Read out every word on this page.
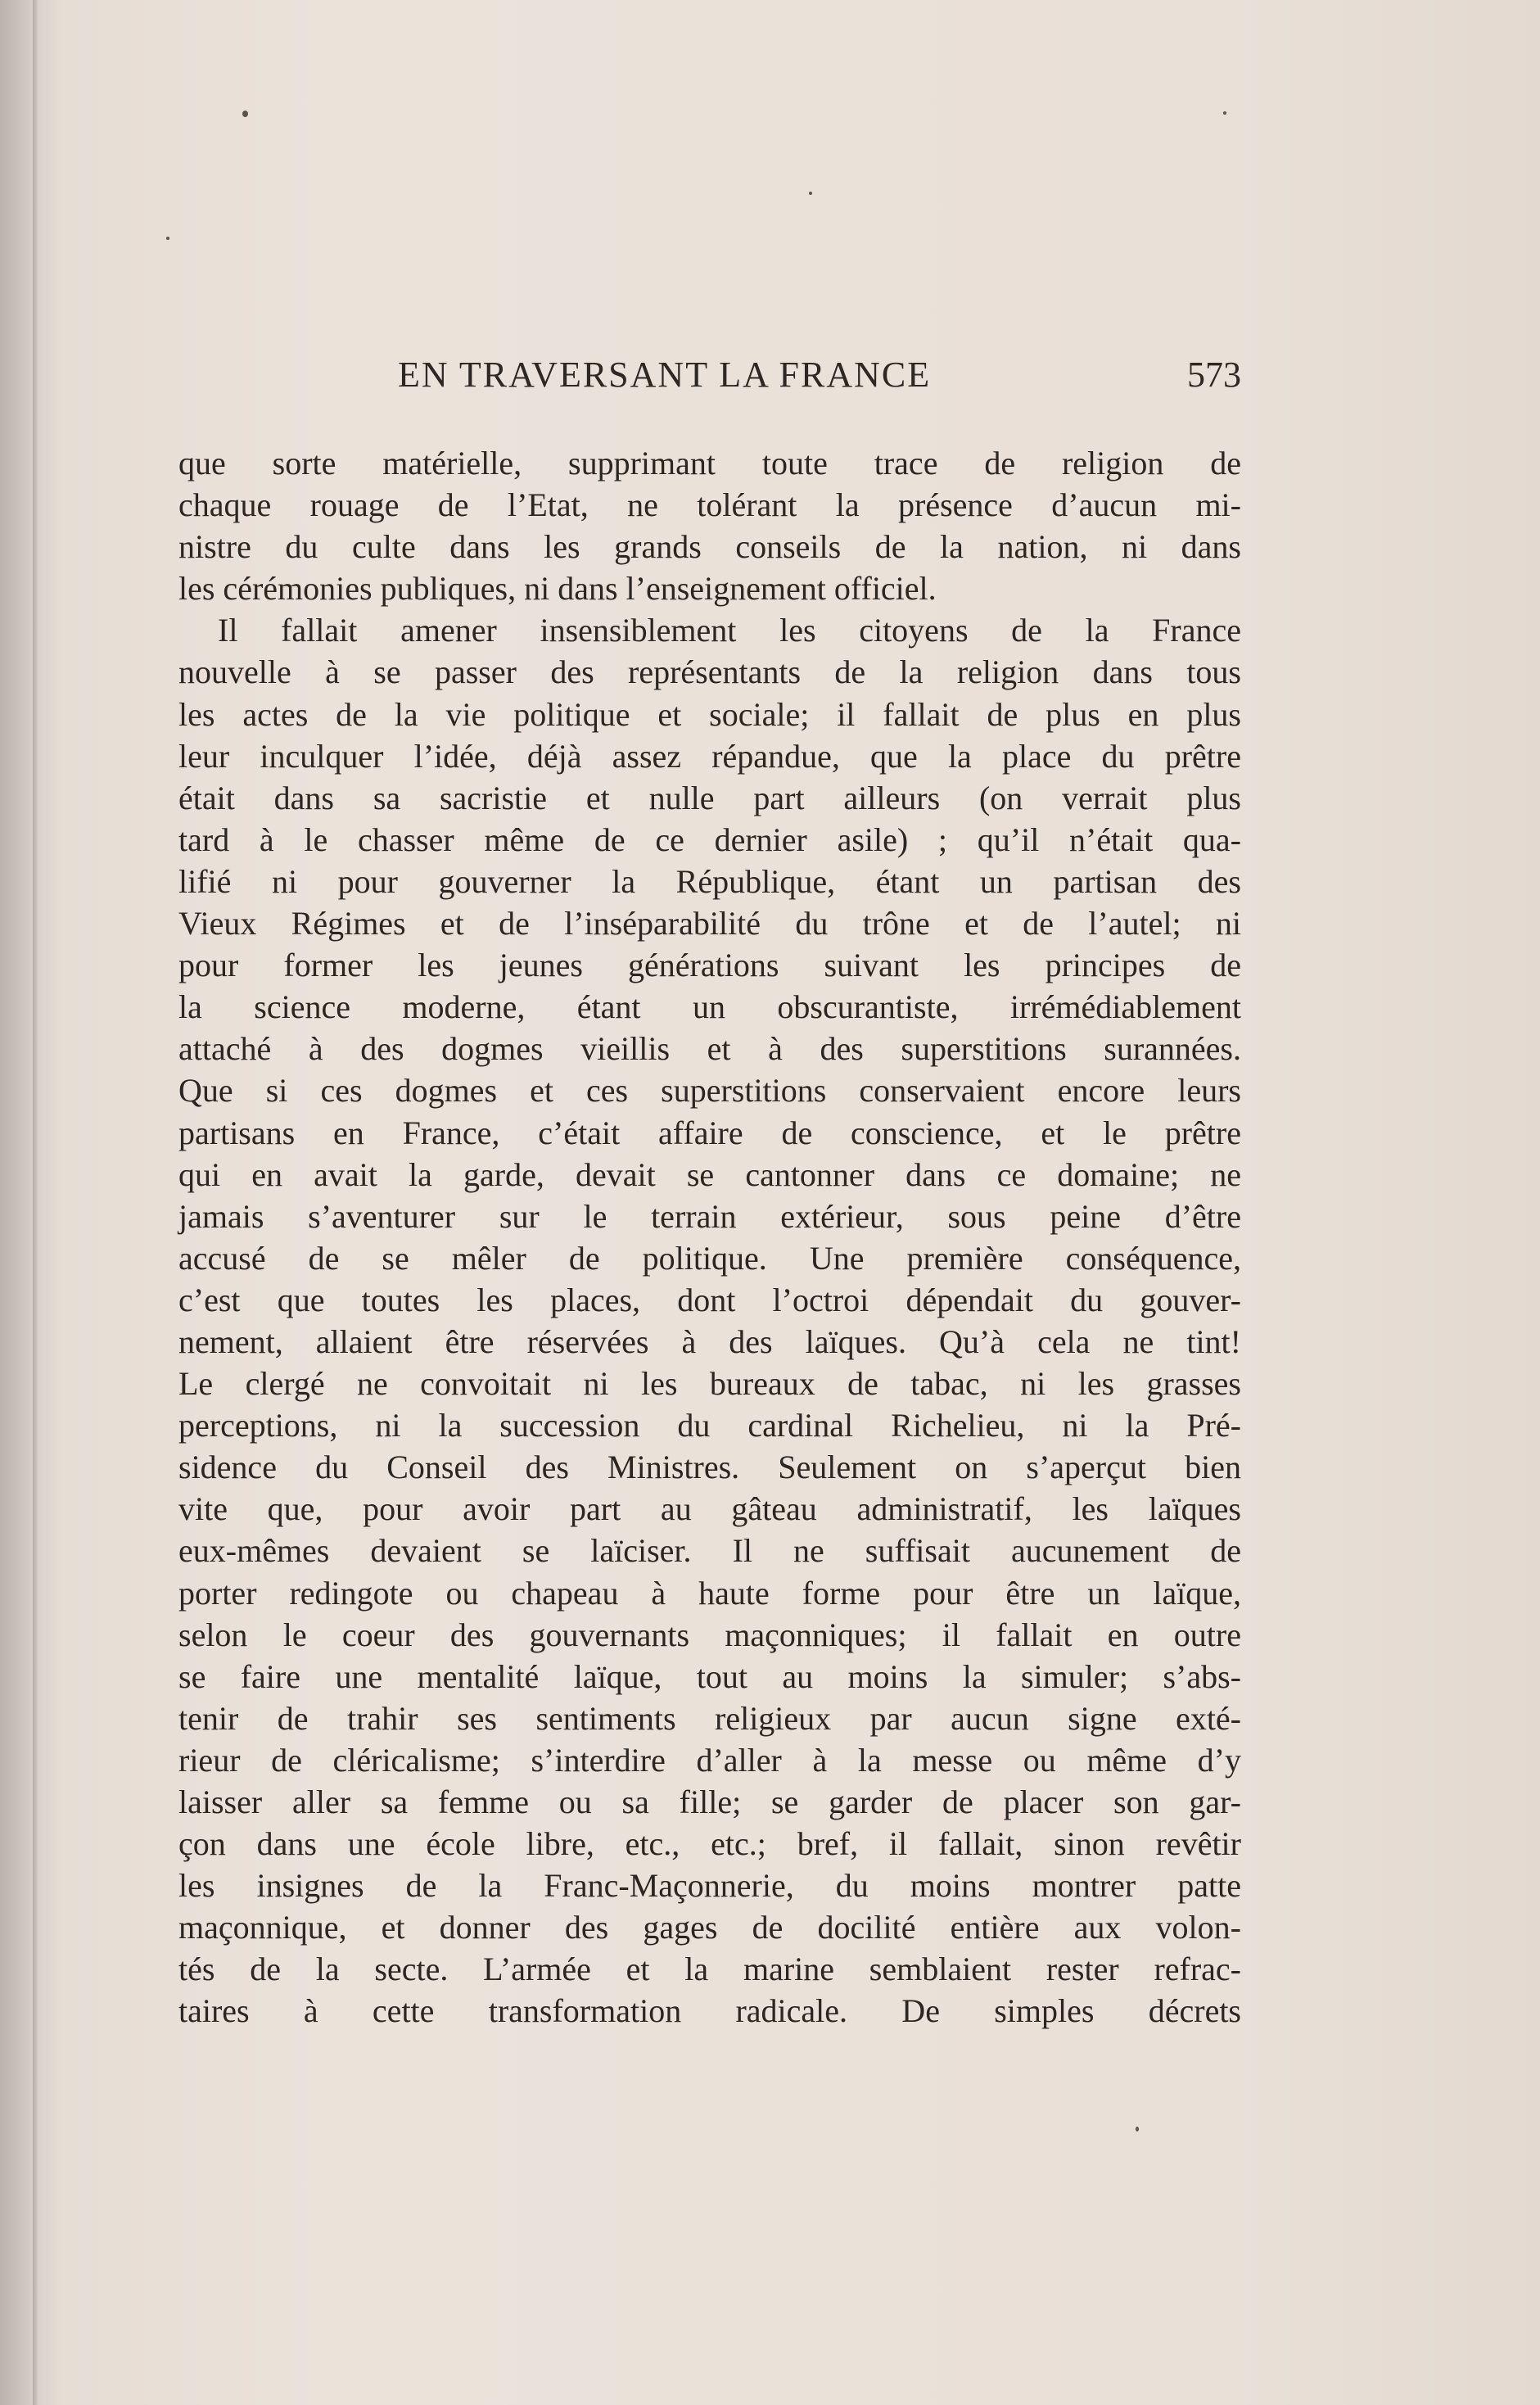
EN TRAVERSANT LA FRANCE	573
que sorte matérielle, supprimant toute trace de religion de
chaque rouage de l’Etat, ne tolérant la présence d’aucun mi-
nistre du culte dans les grands conseils de la nation, ni dans
les cérémonies publiques, ni dans l’enseignement officiel.
Il fallait amener insensiblement les citoyens de la France
nouvelle à se passer des représentants de la religion dans tous
les actes de la vie politique et sociale; il fallait de plus en plus
leur inculquer l’idée, déjà assez répandue, que la place du prêtre
était dans sa sacristie et nulle part ailleurs (on verrait plus
tard à le chasser même de ce dernier asile) ; qu’il n’était qua-
lifié ni pour gouverner la République, étant un partisan des
Vieux Régimes et de l’inséparabilité du trône et de l’autel; ni
pour former les jeunes générations suivant les principes de
la science moderne, étant un obscurantiste, irrémédiablement
attaché à des dogmes vieillis et à des superstitions surannées.
Que si ces dogmes et ces superstitions conservaient encore leurs
partisans en France, c’était affaire de conscience, et le prêtre
qui en avait la garde, devait se cantonner dans ce domaine; ne
jamais s’aventurer sur le terrain extérieur, sous peine d’être
accusé de se mêler de politique. Une première conséquence,
c’est que toutes les places, dont l’octroi dépendait du gouver-
nement, allaient être réservées à des laïques. Qu’à cela ne tint!
Le clergé ne convoitait ni les bureaux de tabac, ni les grasses
perceptions, ni la succession du cardinal Richelieu, ni la Pré-
sidence du Conseil des Ministres. Seulement on s’aperçut bien
vite que, pour avoir part au gâteau administratif, les laïques
eux-mêmes devaient se laïciser. Il ne suffisait aucunement de
porter redingote ou chapeau à haute forme pour être un laïque,
selon le coeur des gouvernants maçonniques; il fallait en outre
se faire une mentalité laïque, tout au moins la simuler; s’abs-
tenir de trahir ses sentiments religieux par aucun signe exté-
rieur de cléricalisme; s’interdire d’aller à la messe ou même d’y
laisser aller sa femme ou sa fille; se garder de placer son gar-
çon dans une école libre, etc., etc.; bref, il fallait, sinon revêtir
les insignes de la Franc-Maçonnerie, du moins montrer patte
maçonnique, et donner des gages de docilité entière aux volon-
tés de la secte. L’armée et la marine semblaient rester refrac-
taires à cette transformation radicale. De simples décrets
